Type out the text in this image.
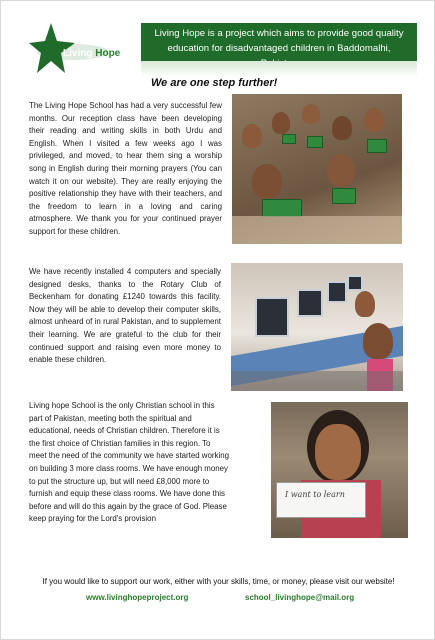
Living Hope
Living Hope is a project which aims to provide good quality
education for disadvantaged children in Baddomalhi,
We are one step further!

The Living Hope School has had a very successful few months. Our reception class have been developing their reading and writing skills in both Urdu and English. When I visited a few weeks ago I was privileged, and moved, to hear them sing a worship song in English during their morning prayers (You can watch it on our website). They are really enjoying the positive relationship they have with their teachers, and the freedom to learn in a loving and caring atmosphere. We thank you for your continued prayer support for these children.

We have recently installed 4 computers and specially designed desks, thanks to the Rotary Club of Beckenham for donating £1240 towards this facility. Now they will be able to develop their computer skills, almost unheard of in rural Pakistan, and to supplement their learning. We are grateful to the club for their continued support and raising even more money to enable these children.

Living hope School is the only Christian school in this part of Pakistan, meeting both the spiritual and educational, needs of Christian children. Therefore it is the first choice of Christian families in this region. To meet the need of the community we have started working on building 3 more class rooms. We have enough money to put the structure up, but will need £8,000 more to furnish and equip these class rooms. We have done this before and will do this again by the grace of God. Please keep praying for the Lord's provision

I want to learn
If you would like to support our work, either with your skills, time, or money, please visit our website!
www.livinghopeproject.org	school_livinghope@mail.org
